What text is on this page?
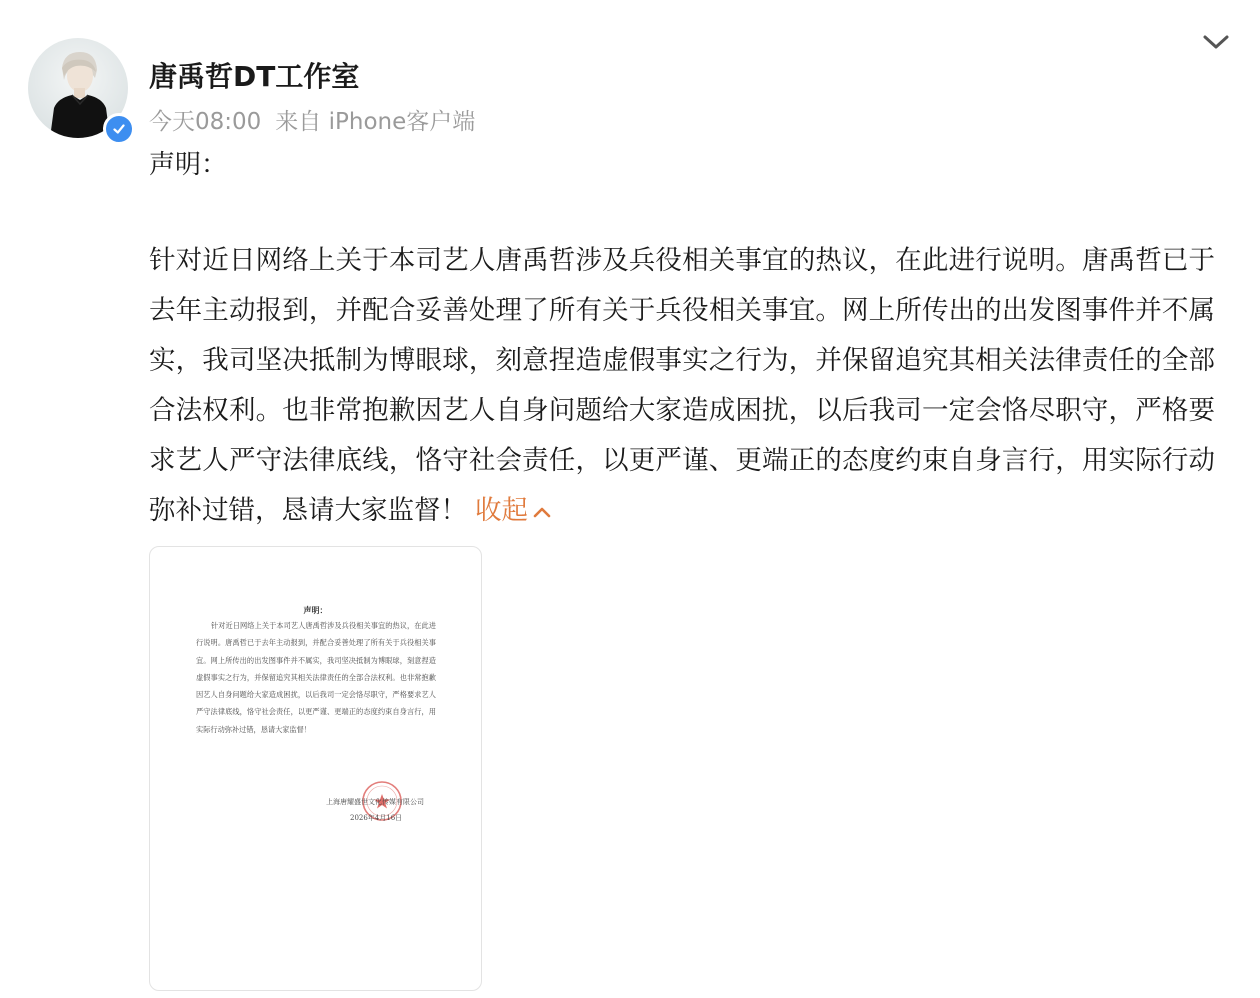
唐禹哲DT工作室
今天08:00 来自 iPhone客户端
声明：

针对近日网络上关于本司艺人唐禹哲涉及兵役相关事宜的热议，在此进行说明。唐禹哲已于去年主动报到，并配合妥善处理了所有关于兵役相关事宜。网上所传出的出发图事件并不属实，我司坚决抵制为博眼球，刻意捏造虚假事实之行为，并保留追究其相关法律责任的全部合法权利。也非常抱歉因艺人自身问题给大家造成困扰，以后我司一定会恪尽职守，严格要求艺人严守法律底线，恪守社会责任，以更严谨、更端正的态度约束自身言行，用实际行动弥补过错，恳请大家监督！ 收起

声明：

针对近日网络上关于本司艺人唐禹哲涉及兵役相关事宜的热议，在此进行说明。唐禹哲已于去年主动报到，并配合妥善处理了所有关于兵役相关事宜。网上所传出的出发图事件并不属实，我司坚决抵制为博眼球，刻意捏造虚假事实之行为，并保留追究其相关法律责任的全部合法权利。也非常抱歉因艺人自身问题给大家造成困扰，以后我司一定会恪尽职守，严格要求艺人严守法律底线，恪守社会责任，以更严谨、更端正的态度约束自身言行，用实际行动弥补过错，恳请大家监督！

上海唐耀盛世文化传媒有限公司
2026年4月16日
